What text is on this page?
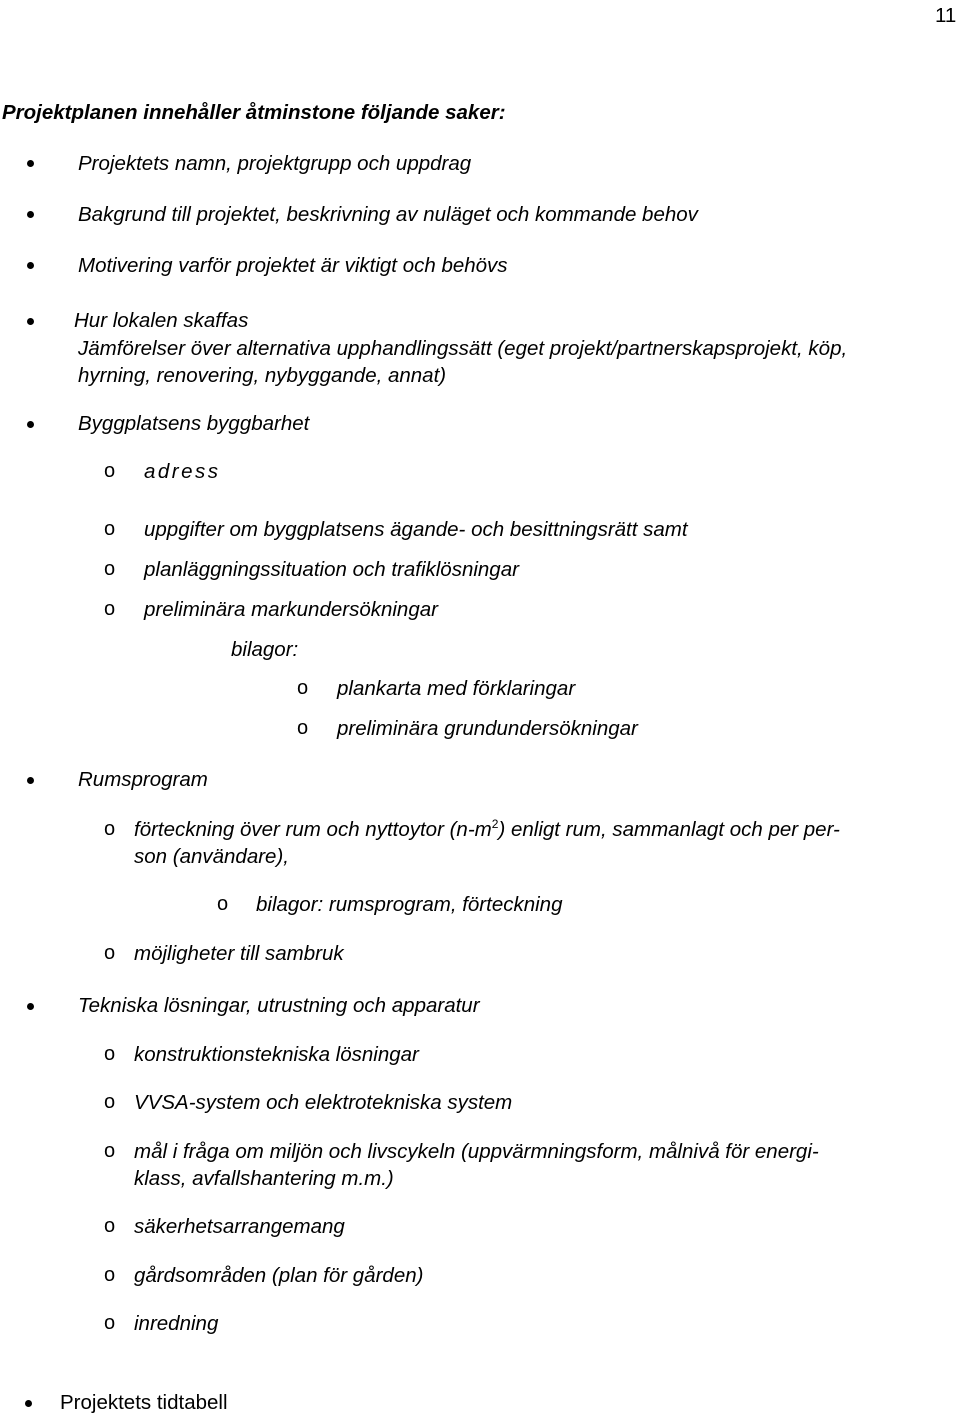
11
Projektplanen innehåller åtminstone följande saker:
Projektets namn, projektgrupp och uppdrag
Bakgrund till projektet, beskrivning av nuläget och kommande behov
Motivering varför projektet är viktigt och behövs
Hur lokalen skaffas
Jämförelser över alternativa upphandlingssätt (eget projekt/partnerskapsprojekt, köp,
hyrning, renovering, nybyggande, annat)
Byggplatsens byggbarhet
o adress
o uppgifter om byggplatsens ägande- och besittningsrätt samt
o planläggningssituation och trafiklösningar
o preliminära markundersökningar
bilagor:
o plankarta med förklaringar
o preliminära grundundersökningar
Rumsprogram
o förteckning över rum och nyttoytor $(n-m^2)$ enligt rum, sammanlagt och per per-
son (användare),
o bilagor: rumsprogram, förteckning
o möjligheter till sambruk
Tekniska lösningar, utrustning och apparatur
o konstruktionstekniska lösningar
o VVSA-system och elektrotekniska system
o mål i fråga om miljön och livscykeln (uppvärmningsform, målnivå för energi-
klass, avfallshantering m.m.)
o säkerhetsarrangemang
o gårdsområden (plan för gården)
o inredning
Projektets tidtabell
